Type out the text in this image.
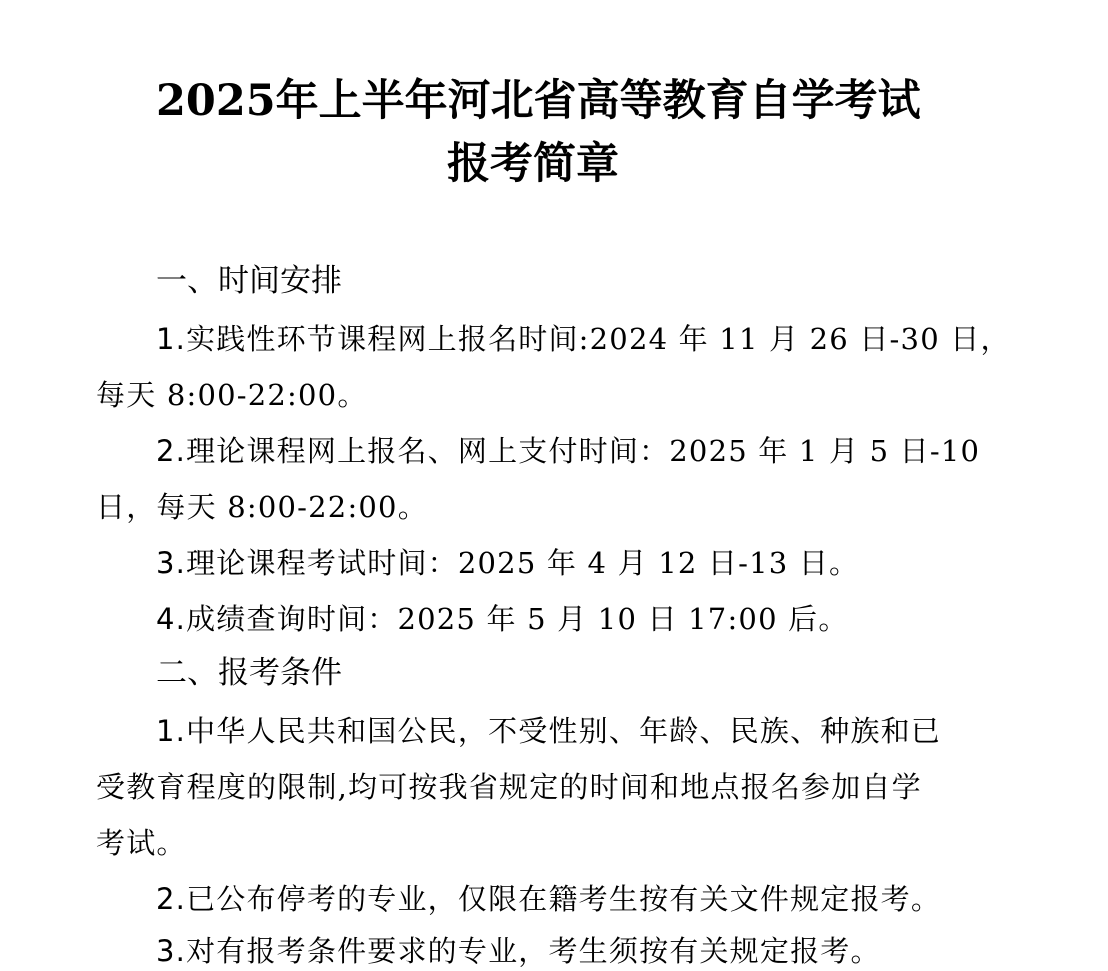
2025年上半年河北省高等教育自学考试
报考简章
一、时间安排
1.实践性环节课程网上报名时间:2024 年 11 月 26 日-30 日，
每天 8:00-22:00。
2.理论课程网上报名、网上支付时间：2025 年 1 月 5 日-10
日，每天 8:00-22:00。
3.理论课程考试时间：2025 年 4 月 12 日-13 日。
4.成绩查询时间：2025 年 5 月 10 日 17:00 后。
二、报考条件
1.中华人民共和国公民，不受性别、年龄、民族、种族和已
受教育程度的限制,均可按我省规定的时间和地点报名参加自学
考试。
2.已公布停考的专业，仅限在籍考生按有关文件规定报考。
3.对有报考条件要求的专业，考生须按有关规定报考。
